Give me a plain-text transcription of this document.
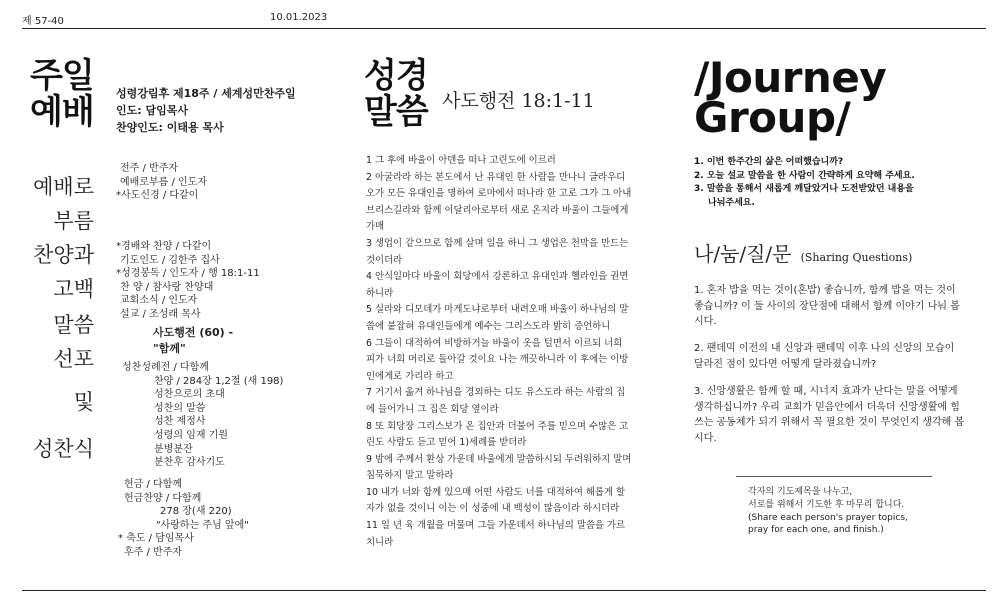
제 57-40	10.01.2023
주일
예배 성령강림후 제18주 / 세계성만찬주일
인도: 담임목사
찬양인도: 이태용 목사
예배로
부름
찬양과
고백
말씀
선포
및
성찬식
전주 / 반주자
예배로부름 / 인도자
*사도신경 / 다같이
*경배와 찬양 / 다같이
기도인도 / 김한주 집사
*성경봉독 / 인도자 / 행 18:1-11
찬 양 / 참사랑 찬양대
교회소식 / 인도자
설교 / 조성래 목사
사도행전 (60) -
"함께"
성찬성례전 / 다함께
찬양 / 284장 1,2절 (새 198)
성찬으로의 초대
성찬의 말씀
성찬 제정사
성령의 임재 기원
분병분잔
분찬후 감사기도
헌금 / 다함께
헌금찬양 / 다함께
278 장(새 220)
"사랑하는 주님 앞에"
* 축도 / 담임목사
후주 / 반주자
성경
말씀 사도행전 18:1-11
1 그 후에 바울이 아덴을 떠나 고린도에 이르러
2 아굴라라 하는 본도에서 난 유대인 한 사람을 만나니 글라우디오가 모든 유대인을 명하여 로마에서 떠나라 한 고로 그가 그 아내 브리스길라와 함께 이달리아로부터 새로 온지라 바울이 그들에게 가매
3 생업이 같으므로 함께 살며 일을 하니 그 생업은 천막을 만드는 것이더라
4 안식일마다 바울이 회당에서 강론하고 유대인과 헬라인을 권면하니라
5 실라와 디모데가 마게도냐로부터 내려오매 바울이 하나님의 말씀에 붙잡혀 유대인들에게 예수는 그리스도라 밝히 증언하니
6 그들이 대적하여 비방하거늘 바울이 옷을 털면서 이르되 너희 피가 너희 머리로 돌아갈 것이요 나는 깨끗하니라 이 후에는 이방인에게로 가리라 하고
7 거기서 옮겨 하나님을 경외하는 디도 유스도라 하는 사람의 집에 들어가니 그 집은 회당 옆이라
8 또 회당장 그리스보가 온 집안과 더불어 주를 믿으며 수많은 고린도 사람도 듣고 믿어 1)세례를 받더라
9 밤에 주께서 환상 가운데 바울에게 말씀하시되 두려워하지 말며 침묵하지 말고 말하라
10 내가 너와 함께 있으매 어떤 사람도 너를 대적하여 해롭게 할 자가 없을 것이니 이는 이 성중에 내 백성이 많음이라 하시더라
11 일 년 육 개월을 머물며 그들 가운데서 하나님의 말씀을 가르치니라
/Journey
Group/
1. 이번 한주간의 삶은 어떠했습니까?
2. 오늘 설교 말씀을 한 사람이 간략하게 요약해 주세요.
3. 말씀을 통해서 새롭게 깨달았거나 도전받았던 내용을
나눠주세요.
나/눔/질/문 (Sharing Questions)
1. 혼자 밥을 먹는 것이(혼밥) 좋습니까, 함께 밥을 먹는 것이 좋습니까? 이 둘 사이의 장단점에 대해서 함께 이야기 나눠 봅시다.
2. 팬데믹 이전의 내 신앙과 팬데믹 이후 나의 신앙의 모습이 달라진 점이 있다면 어떻게 달라졌습니까?
3. 신앙생활은 함께 할 때, 시너지 효과가 난다는 말을 어떻게 생각하십니까? 우리 교회가 믿음안에서 더욱더 신앙생활에 힘쓰는 공동체가 되기 위해서 꼭 필요한 것이 무엇인지 생각해 봅시다.
각자의 기도제목을 나누고,
서로를 위해서 기도한 후 마무리 합니다.
(Share each person's prayer topics,
pray for each one, and finish.)
